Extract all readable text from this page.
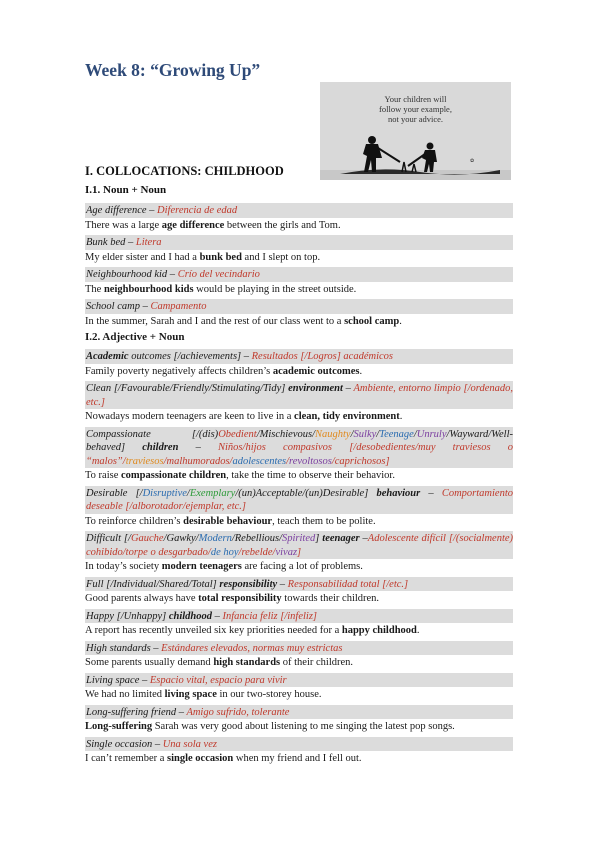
Week 8: “Growing Up”
Your children will
follow your example,
not your advice.
✿
I. COLLOCATIONS: CHILDHOOD
I.1. Noun + Noun
Age difference – Diferencia de edad
There was a large age difference between the girls and Tom.
Bunk bed – Litera
My elder sister and I had a bunk bed and I slept on top.
Neighbourhood kid – Crío del vecindario
The neighbourhood kids would be playing in the street outside.
School camp – Campamento
In the summer, Sarah and I and the rest of our class went to a school camp.
I.2. Adjective + Noun
Academic outcomes [/achievements] – Resultados [/Logros] académicos
Family poverty negatively affects children’s academic outcomes.
Clean [/Favourable/Friendly/Stimulating/Tidy] environment – Ambiente, entorno limpio [/ordenado, etc.]
Nowadays modern teenagers are keen to live in a clean, tidy environment.
Compassionate [/(dis)Obedient/Mischievous/Naughty/Sulky/Teenage/Unruly/Wayward/Well-behaved] children – Niños/hijos compasivos [/desobedientes/muy traviesos o “malos”/traviesos/malhumorados/adolescentes/revoltosos/caprichosos]
To raise compassionate children, take the time to observe their behavior.
Desirable [/Disruptive/Exemplary/(un)Acceptable/(un)Desirable] behaviour – Comportamiento deseable [/alborotador/ejemplar, etc.]
To reinforce children’s desirable behaviour, teach them to be polite.
Difficult [/Gauche/Gawky/Modern/Rebellious/Spirited] teenager –Adolescente difícil [/(socialmente) cohibido/torpe o desgarbado/de hoy/rebelde/vivaz]
In today’s society modern teenagers are facing a lot of problems.
Full [/Individual/Shared/Total] responsibility – Responsabilidad total [/etc.]
Good parents always have total responsibility towards their children.
Happy [/Unhappy] childhood – Infancia feliz [/infeliz]
A report has recently unveiled six key priorities needed for a happy childhood.
High standards – Estándares elevados, normas muy estrictas
Some parents usually demand high standards of their children.
Living space – Espacio vital, espacio para vivir
We had no limited living space in our two-storey house.
Long-suffering friend – Amigo sufrido, tolerante
Long-suffering Sarah was very good about listening to me singing the latest pop songs.
Single occasion – Una sola vez
I can’t remember a single occasion when my friend and I fell out.
